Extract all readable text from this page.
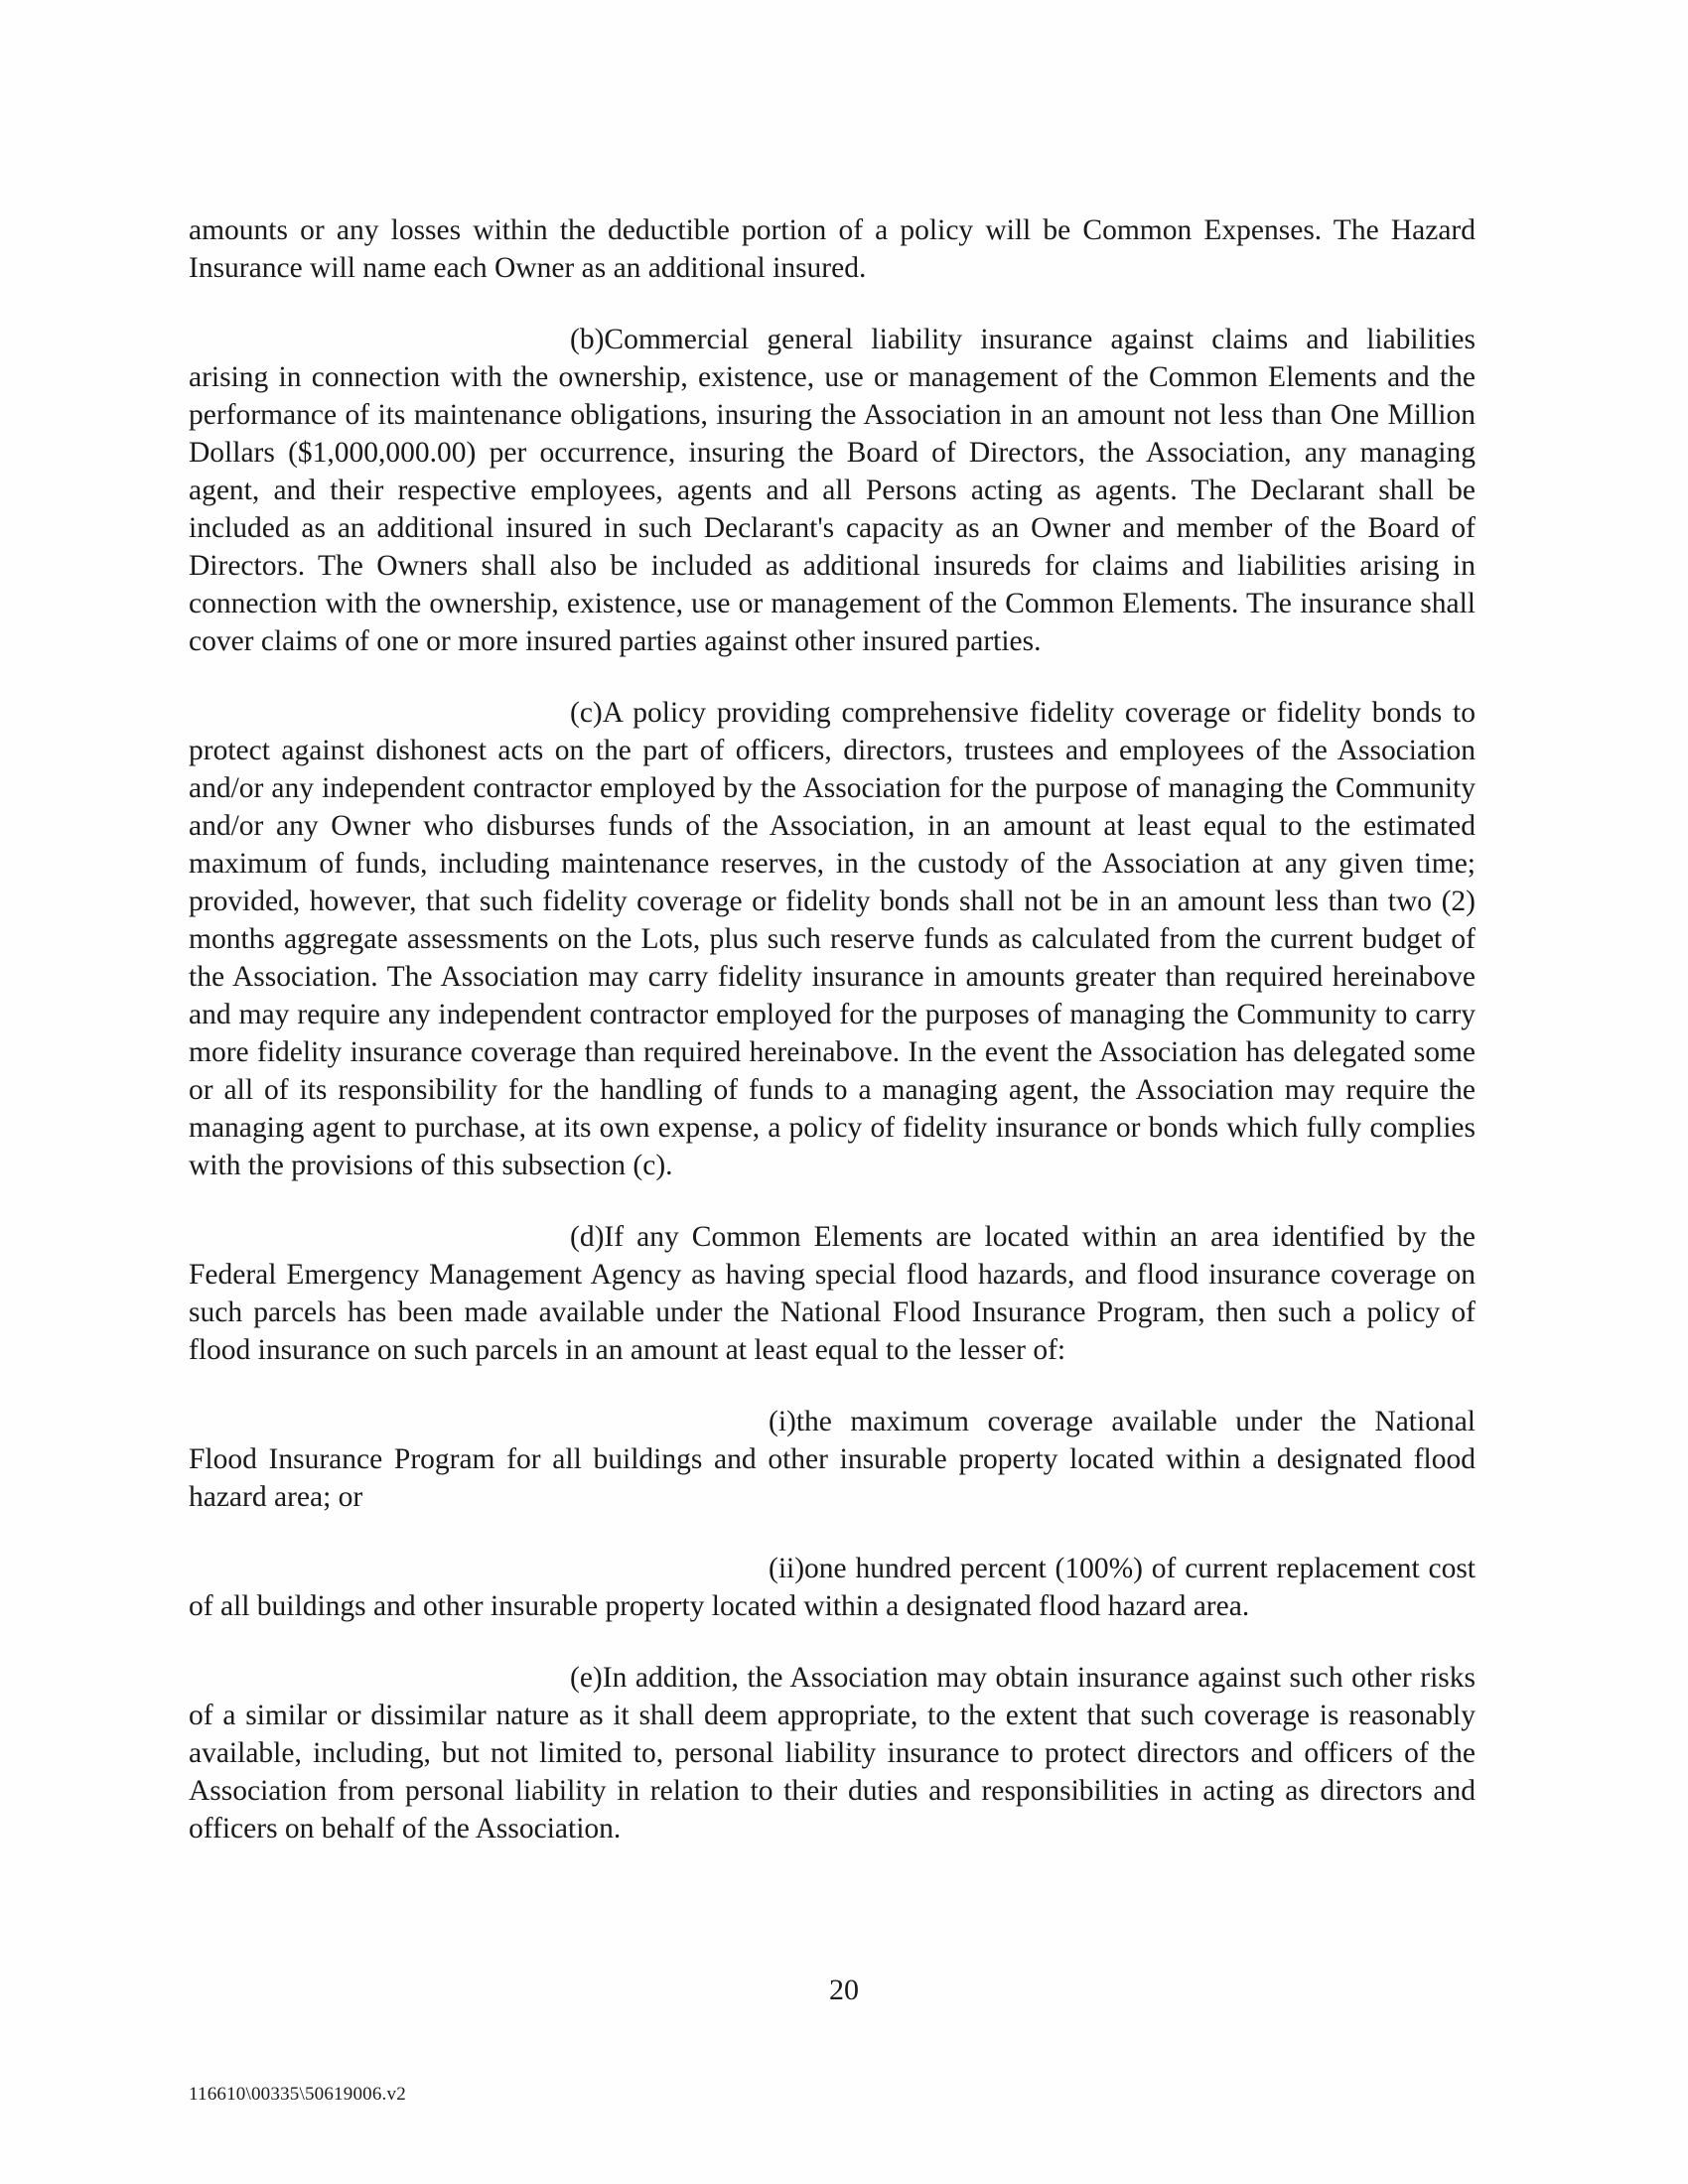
amounts or any losses within the deductible portion of a policy will be Common Expenses. The Hazard Insurance will name each Owner as an additional insured.

(b)Commercial general liability insurance against claims and liabilities arising in connection with the ownership, existence, use or management of the Common Elements and the performance of its maintenance obligations, insuring the Association in an amount not less than One Million Dollars ($1,000,000.00) per occurrence, insuring the Board of Directors, the Association, any managing agent, and their respective employees, agents and all Persons acting as agents. The Declarant shall be included as an additional insured in such Declarant's capacity as an Owner and member of the Board of Directors. The Owners shall also be included as additional insureds for claims and liabilities arising in connection with the ownership, existence, use or management of the Common Elements. The insurance shall cover claims of one or more insured parties against other insured parties.

(c)A policy providing comprehensive fidelity coverage or fidelity bonds to protect against dishonest acts on the part of officers, directors, trustees and employees of the Association and/or any independent contractor employed by the Association for the purpose of managing the Community and/or any Owner who disburses funds of the Association, in an amount at least equal to the estimated maximum of funds, including maintenance reserves, in the custody of the Association at any given time; provided, however, that such fidelity coverage or fidelity bonds shall not be in an amount less than two (2) months aggregate assessments on the Lots, plus such reserve funds as calculated from the current budget of the Association. The Association may carry fidelity insurance in amounts greater than required hereinabove and may require any independent contractor employed for the purposes of managing the Community to carry more fidelity insurance coverage than required hereinabove. In the event the Association has delegated some or all of its responsibility for the handling of funds to a managing agent, the Association may require the managing agent to purchase, at its own expense, a policy of fidelity insurance or bonds which fully complies with the provisions of this subsection (c).

(d)If any Common Elements are located within an area identified by the Federal Emergency Management Agency as having special flood hazards, and flood insurance coverage on such parcels has been made available under the National Flood Insurance Program, then such a policy of flood insurance on such parcels in an amount at least equal to the lesser of:

(i)the maximum coverage available under the National Flood Insurance Program for all buildings and other insurable property located within a designated flood hazard area; or

(ii)one hundred percent (100%) of current replacement cost of all buildings and other insurable property located within a designated flood hazard area.

(e)In addition, the Association may obtain insurance against such other risks of a similar or dissimilar nature as it shall deem appropriate, to the extent that such coverage is reasonably available, including, but not limited to, personal liability insurance to protect directors and officers of the Association from personal liability in relation to their duties and responsibilities in acting as directors and officers on behalf of the Association.

20
116610\00335\50619006.v2
